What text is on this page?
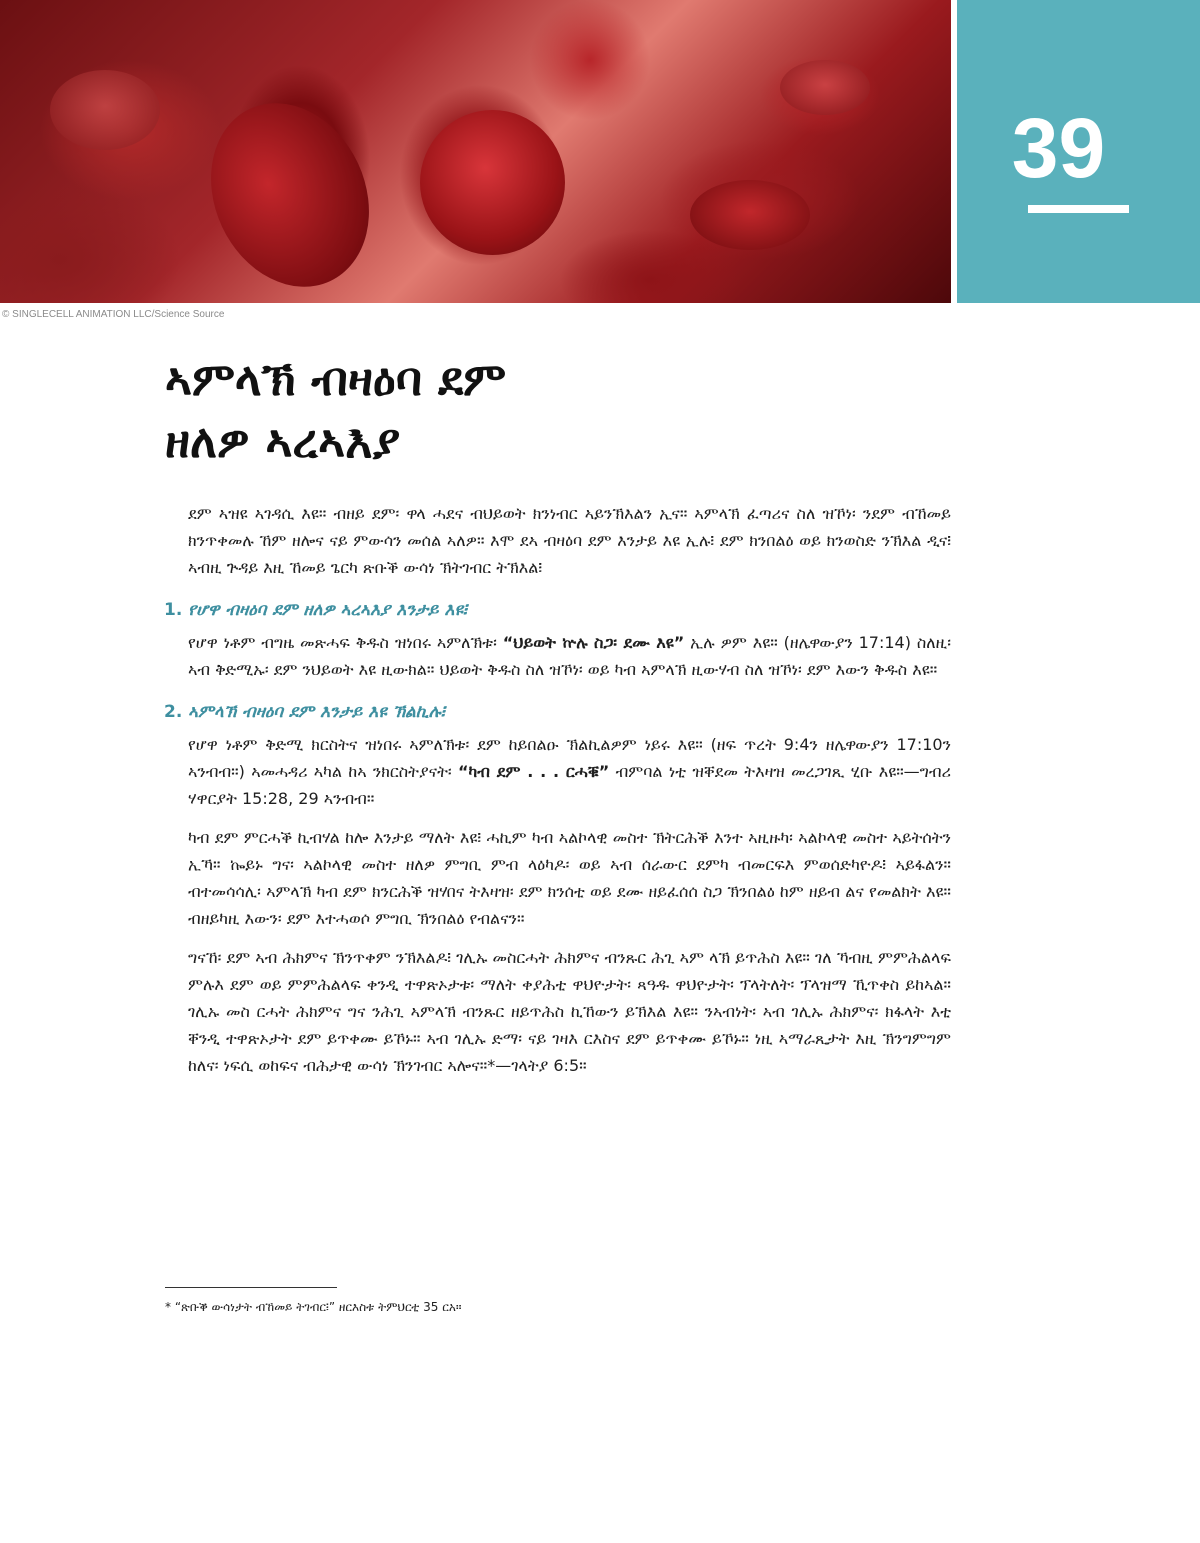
39
© SINGLECELL ANIMATION LLC/Science Source
ኣምላኽ ብዛዕባ ደም
ዘለዎ ኣረኣእያ

ደም ኣዝዩ ኣገዳሲ እዩ። ብዘይ ደም፡ ዋላ ሓደና ብህይወት ክንነብር ኣይንኽእልን ኢና። ኣምላኽ ፈጣሪና ስለ ዝኾነ፡ ንደም ብኸመይ ክንጥቀመሉ ኸም ዘሎና ናይ ምውሳን መሰል ኣለዎ። እሞ ደኣ ብዛዕባ ደም እንታይ እዩ ኢሉ፧ ደም ክንበልዕ ወይ ክንወስድ ንኽእል ዲና፧ ኣብዚ ጕዳይ እዚ ኸመይ ጌርካ ጽቡቕ ውሳነ ኽትገብር ትኽእል፧

1. የሆዋ ብዛዕባ ደም ዘለዎ ኣረኣእያ እንታይ እዩ፧

የሆዋ ነቶም ብግዜ መጽሓፍ ቅዱስ ዝነበሩ ኣምለኽቱ፡ “ህይወት ኵሉ ስጋ፡ ደሙ እዩ” ኢሉ ዎም እዩ። (ዘሌዋውያን 17:14) ስለዚ፡ ኣብ ቅድሚኡ፡ ደም ንህይወት እዩ ዚውክል። ህይወት ቅዱስ ስለ ዝኾነ፡ ወይ ካብ ኣምላኽ ዚውሃብ ስለ ዝኾነ፡ ደም እውን ቅዱስ እዩ።

2. ኣምላኽ ብዛዕባ ደም እንታይ እዩ ኽልኪሉ፧

የሆዋ ነቶም ቅድሚ ክርስትና ዝነበሩ ኣምለኽቱ፡ ደም ከይበልዑ ኽልኪልዎም ነይሩ እዩ። (ዘፍ ጥረት 9:4ን ዘሌዋውያን 17:10ን ኣንብብ።) ኣመሓዳሪ ኣካል ከኣ ንክርስትያናት፡ “ካብ ደም . . . ርሓቑ” ብምባል ነቲ ዝቐደመ ትእዛዝ መረጋገጺ ሂቡ እዩ።—ግብሪ ሃዋርያት 15:28, 29 ኣንብብ።

ካብ ደም ምርሓቕ ኪብሃል ከሎ እንታይ ማለት እዩ፧ ሓኪም ካብ ኣልኮላዊ መስተ ኽትርሕቕ እንተ ኣዚዙካ፡ ኣልኮላዊ መስተ ኣይትሰትን ኢኻ። ኰይኑ ግና፡ ኣልኮላዊ መስተ ዘለዎ ምግቢ ምብ ላዕካዶ፡ ወይ ኣብ ሰራውር ደምካ ብመርፍእ ምወሰድካዮዶ፧ ኣይፋልን። ብተመሳሳሊ፡ ኣምላኽ ካብ ደም ክንርሕቕ ዝሃበና ትእዛዝ፡ ደም ክንሰቲ ወይ ደሙ ዘይፈሰሰ ስጋ ኽንበልዕ ከም ዘይብ ልና የመልክት እዩ። ብዘይካዚ እውን፡ ደም እተሓወሶ ምግቢ ኽንበልዕ የብልናን።

ግናኸ፡ ደም ኣብ ሕክምና ኽንጥቀም ንኽእልዶ፧ ገሊኡ መስርሓት ሕክምና ብንጹር ሕጊ ኣም ላኽ ይጥሕስ እዩ። ገለ ኻብዚ ምምሕልላፍ ምሉእ ደም ወይ ምምሕልላፍ ቀንዲ ተዋጽኦታቱ፡ ማለት ቀያሕቲ ዋህዮታት፡ ጻዓዱ ዋህዮታት፡ ፕላትለት፡ ፕላዝማ ኺጥቀስ ይከኣል። ገሊኡ መስ ርሓት ሕክምና ግና ንሕጊ ኣምላኽ ብንጹር ዘይጥሕስ ኪኸውን ይኽእል እዩ። ንኣብነት፡ ኣብ ገሊኡ ሕክምና፡ ክፋላት እቲ ቐንዲ ተዋጽኦታት ደም ይጥቀሙ ይኾኑ። ኣብ ገሊኡ ድማ፡ ናይ ገዛእ ርእስና ደም ይጥቀሙ ይኾኑ። ነዚ ኣማራጺታት እዚ ኽንግምግም ከለና፡ ነፍሲ ወከፍና ብሕታዊ ውሳነ ኽንገብር ኣሎና።*—ገላትያ 6:5።

* “ጽቡቕ ውሳነታት ብኸመይ ትገብር፧” ዘርእስቱ ትምህርቲ 35 ርአ።
